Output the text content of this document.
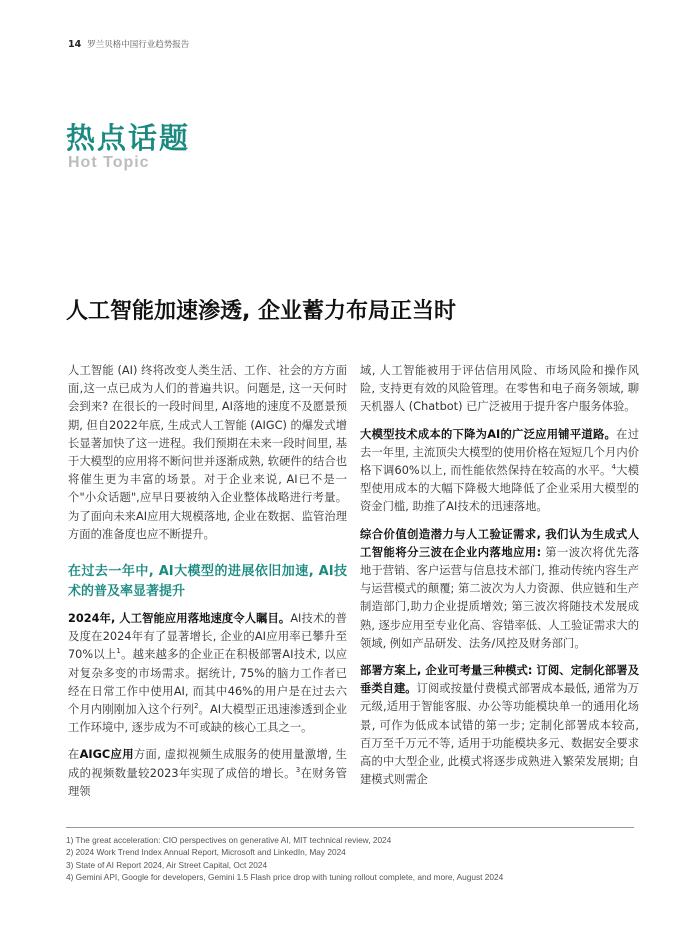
14 罗兰贝格中国行业趋势报告
热点话题
Hot Topic
人工智能加速渗透, 企业蓄力布局正当时

人工智能 (AI) 终将改变人类生活、工作、社会的方方面面,这一点已成为人们的普遍共识。问题是, 这一天何时会到来? 在很长的一段时间里, AI落地的速度不及愿景预期, 但自2022年底, 生成式人工智能 (AIGC) 的爆发式增长显著加快了这一进程。我们预期在未来一段时间里, 基于大模型的应用将不断问世并逐渐成熟, 软硬件的结合也将催生更为丰富的场景。对于企业来说, AI已不是一个"小众话题",应早日要被纳入企业整体战略进行考量。为了面向未来AI应用大规模落地, 企业在数据、监管治理方面的准备度也应不断提升。

在过去一年中, AI大模型的进展依旧加速, AI技术的普及率显著提升

2024年, 人工智能应用落地速度令人瞩目。AI技术的普及度在2024年有了显著增长, 企业的AI应用率已攀升至70%以上$^1$。越来越多的企业正在积极部署AI技术, 以应对复杂多变的市场需求。据统计, 75%的脑力工作者已经在日常工作中使用AI, 而其中46%的用户是在过去六个月内刚刚加入这个行列$^2$。AI大模型正迅速渗透到企业工作环境中, 逐步成为不可或缺的核心工具之一。

在AIGC应用方面, 虚拟视频生成服务的使用量激增, 生成的视频数量较2023年实现了成倍的增长。$^3$在财务管理领

域, 人工智能被用于评估信用风险、市场风险和操作风险, 支持更有效的风险管理。在零售和电子商务领域, 聊天机器人 (Chatbot) 已广泛被用于提升客户服务体验。

大模型技术成本的下降为AI的广泛应用铺平道路。在过去一年里, 主流顶尖大模型的使用价格在短短几个月内价格下调60%以上, 而性能依然保持在较高的水平。$^4$大模型使用成本的大幅下降极大地降低了企业采用大模型的资金门槛, 助推了AI技术的迅速落地。

综合价值创造潜力与人工验证需求, 我们认为生成式人工智能将分三波在企业内落地应用: 第一波次将优先落地于营销、客户运营与信息技术部门, 推动传统内容生产与运营模式的颠覆; 第二波次为人力资源、供应链和生产制造部门,助力企业提质增效; 第三波次将随技术发展成熟, 逐步应用至专业化高、容错率低、人工验证需求大的领域, 例如产品研发、法务/风控及财务部门。

部署方案上, 企业可考量三种模式: 订阅、定制化部署及垂类自建。订阅或按量付费模式部署成本最低, 通常为万元级,适用于智能客服、办公等功能模块单一的通用化场景, 可作为低成本试错的第一步; 定制化部署成本较高, 百万至千万元不等, 适用于功能模块多元、数据安全要求高的中大型企业, 此模式将逐步成熟进入繁荣发展期; 自建模式则需企

1) The great acceleration: CIO perspectives on generative AI, MIT technical review, 2024
2) 2024 Work Trend Index Annual Report, Microsoft and LinkedIn, May 2024
3) State of AI Report 2024, Air Street Capital, Oct 2024
4) Gemini API, Google for developers, Gemini 1.5 Flash price drop with tuning rollout complete, and more, August 2024
